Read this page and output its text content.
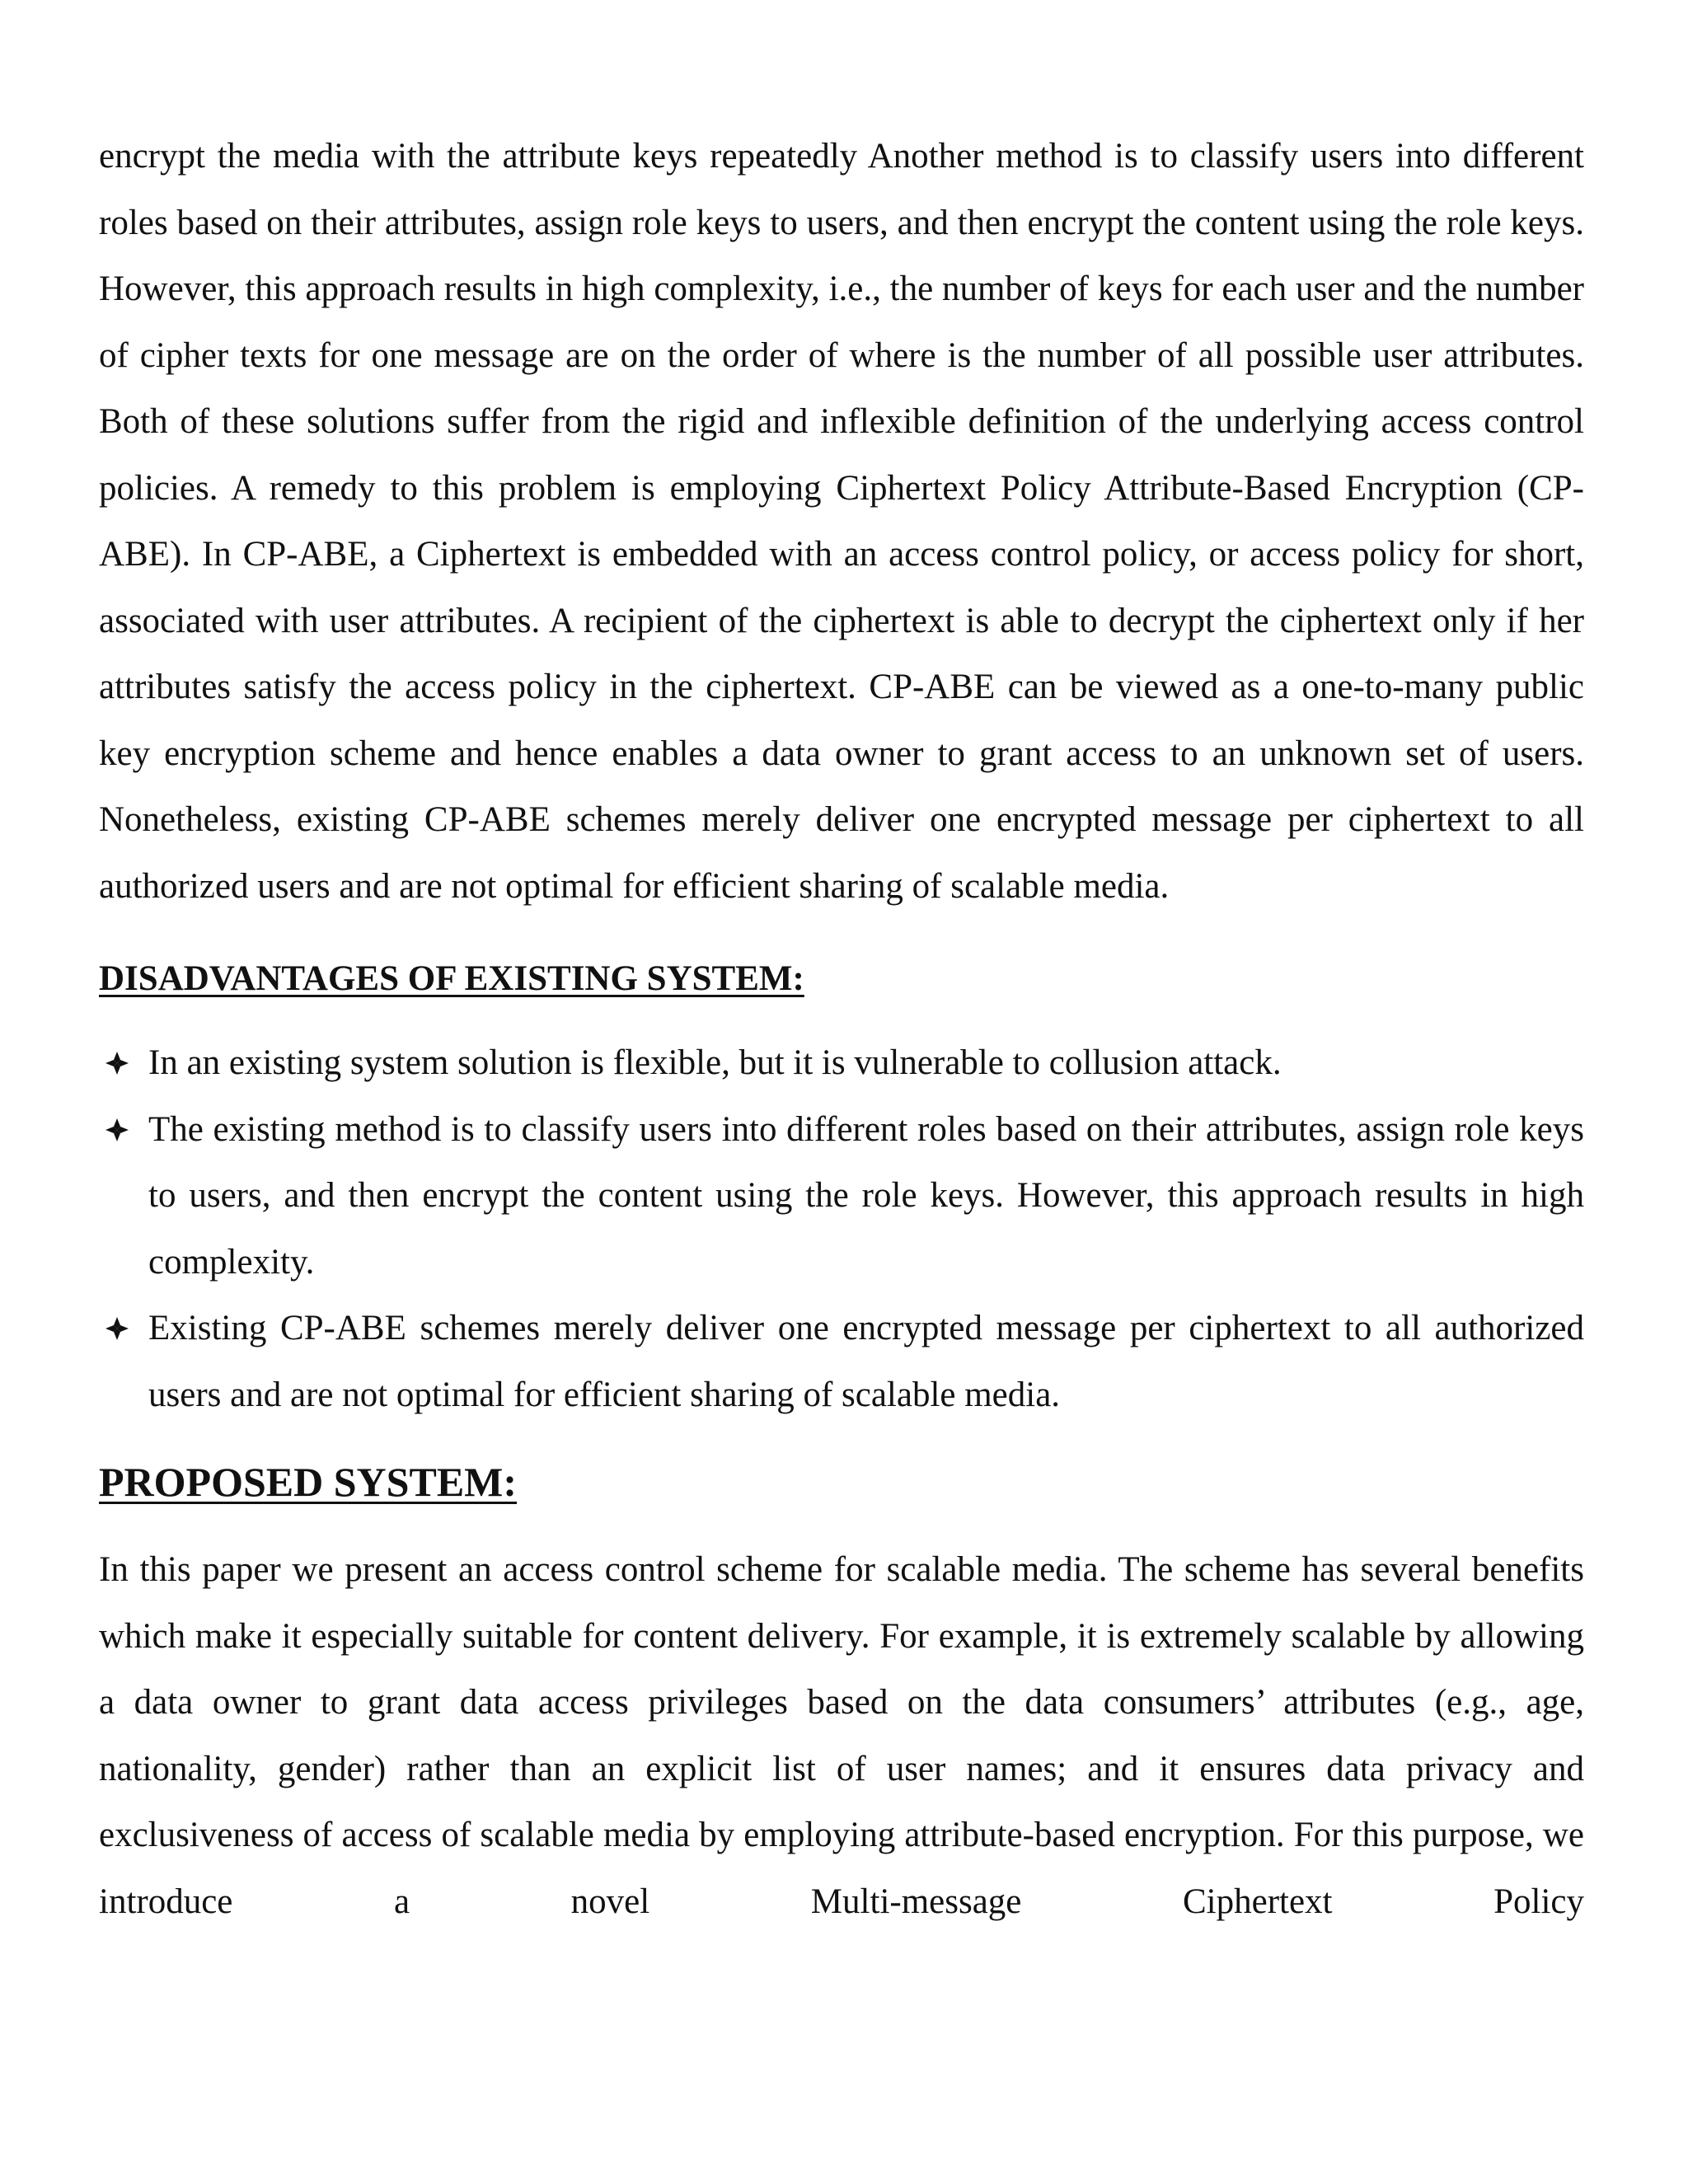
encrypt the media with the attribute keys repeatedly Another method is to classify users into different roles based on their attributes, assign role keys to users, and then encrypt the content using the role keys. However, this approach results in high complexity, i.e., the number of keys for each user and the number of cipher texts for one message are on the order of where is the number of all possible user attributes. Both of these solutions suffer from the rigid and inflexible definition of the underlying access control policies. A remedy to this problem is employing Ciphertext Policy Attribute-Based Encryption (CP-ABE). In CP-ABE, a Ciphertext is embedded with an access control policy, or access policy for short, associated with user attributes. A recipient of the ciphertext is able to decrypt the ciphertext only if her attributes satisfy the access policy in the ciphertext. CP-ABE can be viewed as a one-to-many public key encryption scheme and hence enables a data owner to grant access to an unknown set of users. Nonetheless, existing CP-ABE schemes merely deliver one encrypted message per ciphertext to all authorized users and are not optimal for efficient sharing of scalable media.

DISADVANTAGES OF EXISTING SYSTEM:
In an existing system solution is flexible, but it is vulnerable to collusion attack.
The existing method is to classify users into different roles based on their attributes, assign role keys to users, and then encrypt the content using the role keys. However, this approach results in high complexity.
Existing CP-ABE schemes merely deliver one encrypted message per ciphertext to all authorized users and are not optimal for efficient sharing of scalable media.
PROPOSED SYSTEM:

In this paper we present an access control scheme for scalable media. The scheme has several benefits which make it especially suitable for content delivery. For example, it is extremely scalable by allowing a data owner to grant data access privileges based on the data consumers’ attributes (e.g., age, nationality, gender) rather than an explicit list of user names; and it ensures data privacy and exclusiveness of access of scalable media by employing attribute-based encryption. For this purpose, we introduce a novel Multi-message Ciphertext Policy
